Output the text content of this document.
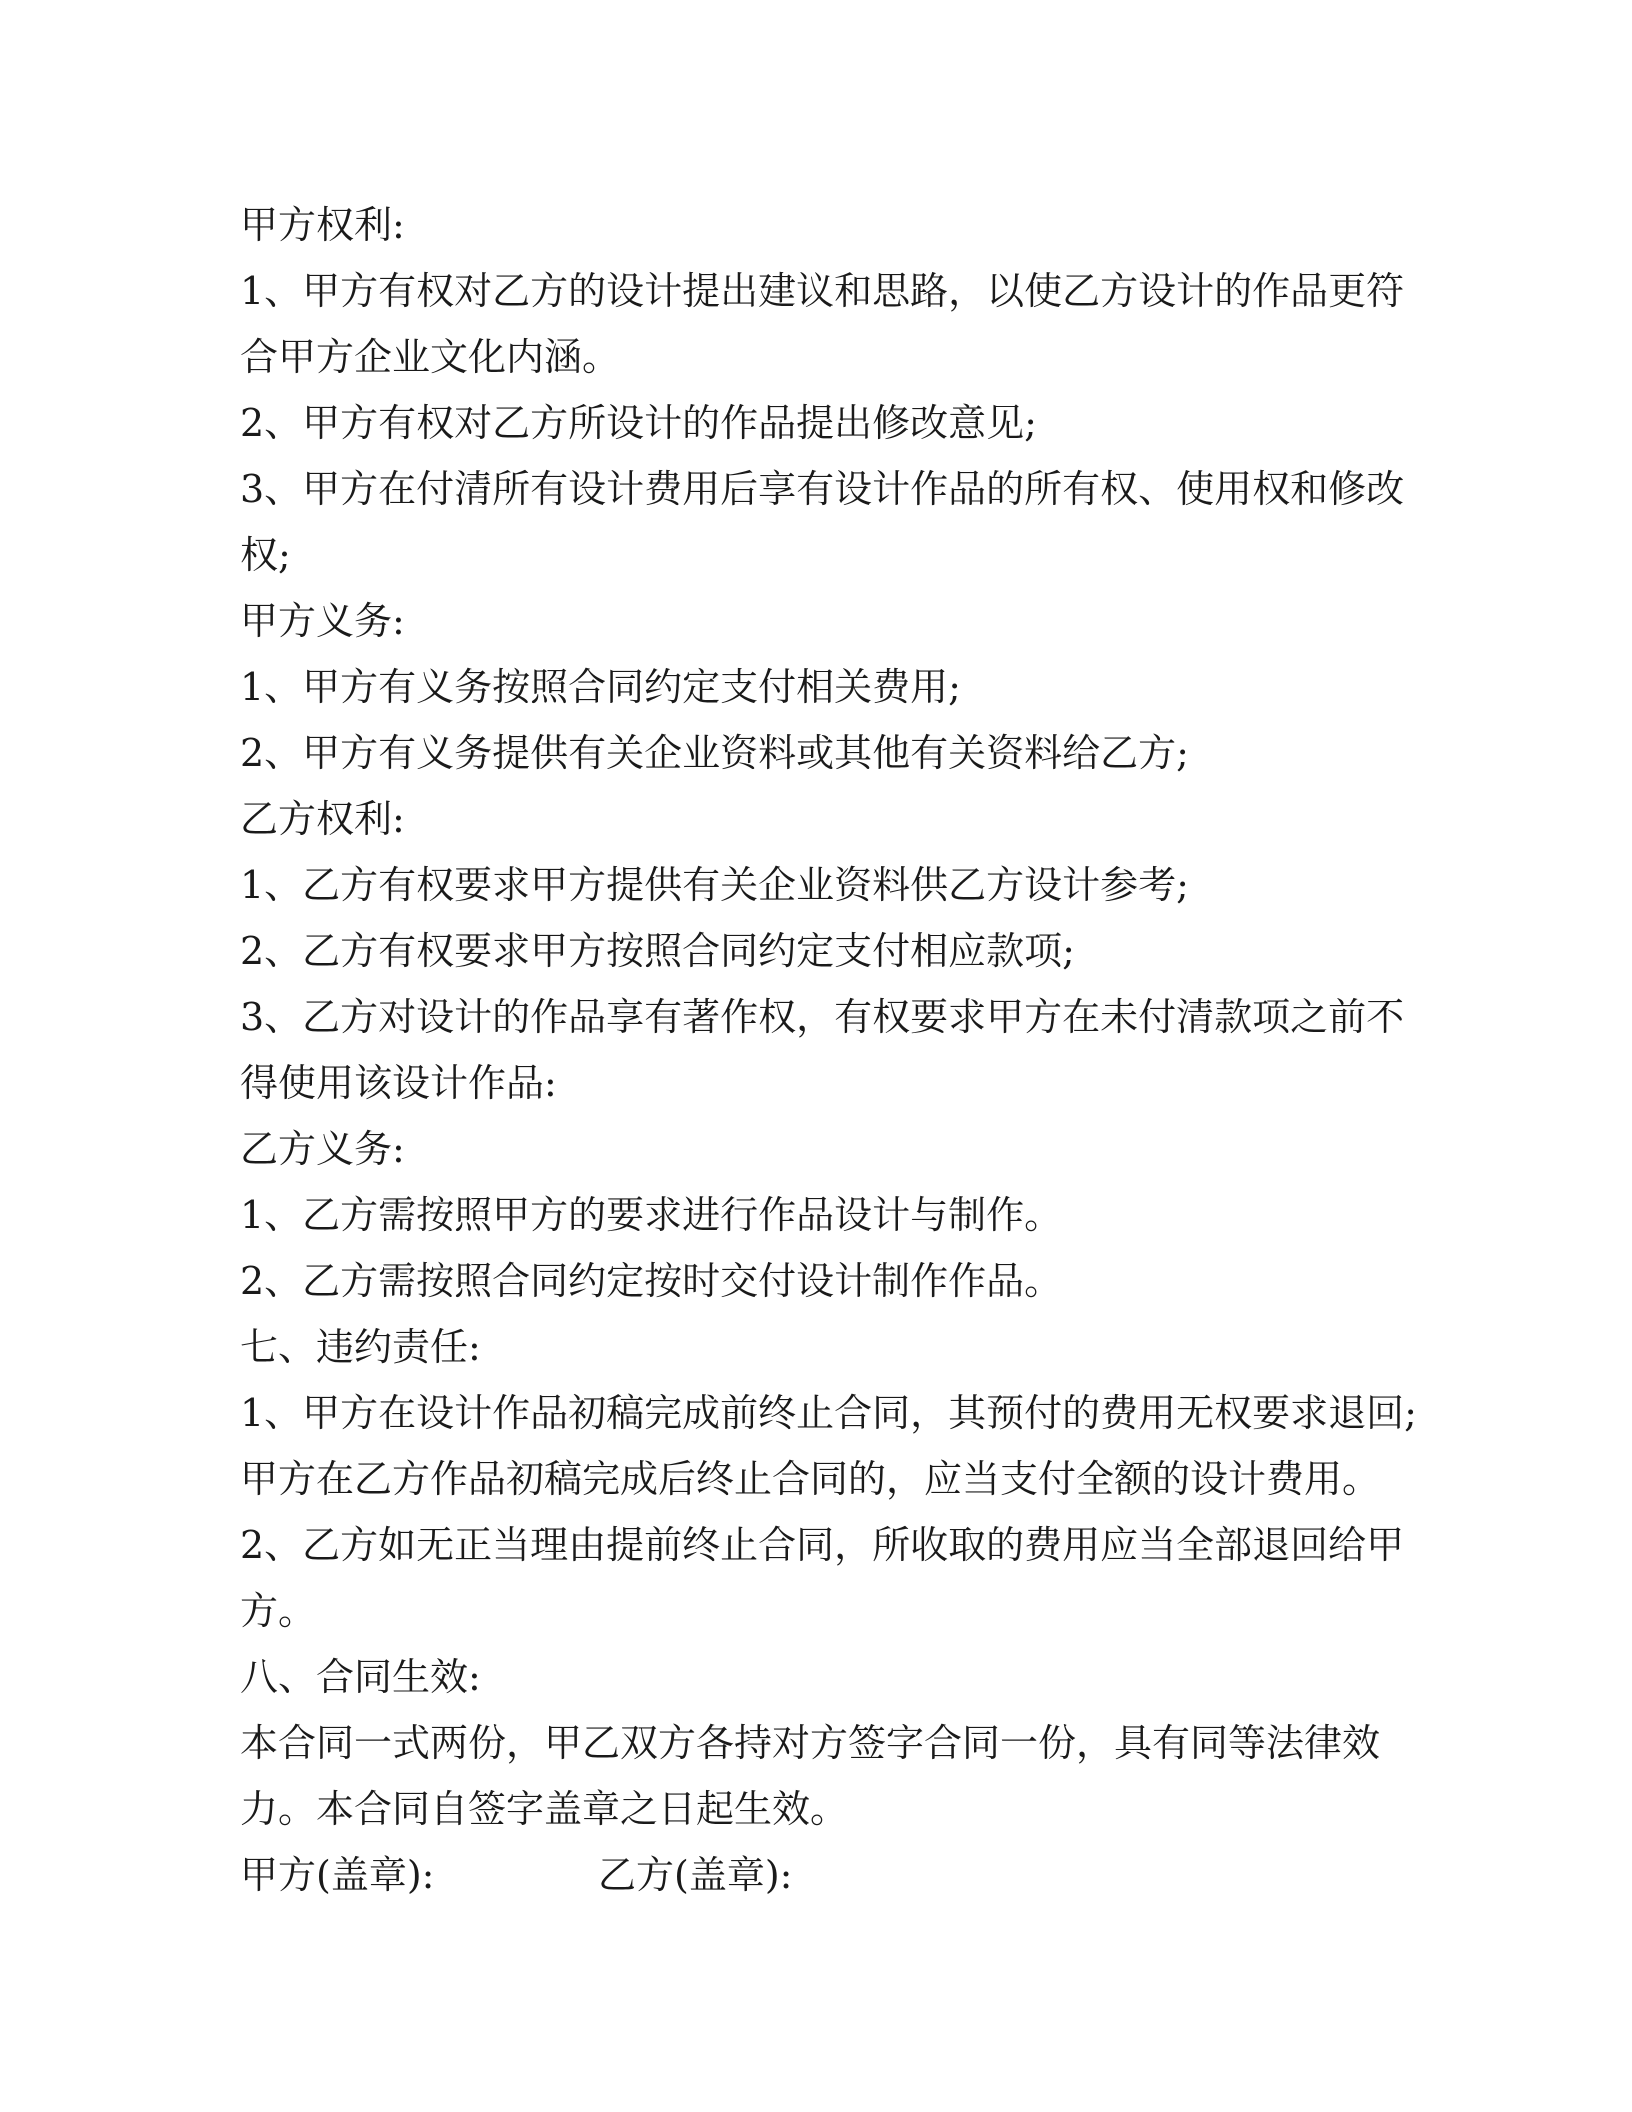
甲方权利:

1、甲方有权对乙方的设计提出建议和思路，以使乙方设计的作品更符

合甲方企业文化内涵。

2、甲方有权对乙方所设计的作品提出修改意见;

3、甲方在付清所有设计费用后享有设计作品的所有权、使用权和修改

权;

甲方义务:

1、甲方有义务按照合同约定支付相关费用;

2、甲方有义务提供有关企业资料或其他有关资料给乙方;

乙方权利:

1、乙方有权要求甲方提供有关企业资料供乙方设计参考;

2、乙方有权要求甲方按照合同约定支付相应款项;

3、乙方对设计的作品享有著作权，有权要求甲方在未付清款项之前不

得使用该设计作品:

乙方义务:

1、乙方需按照甲方的要求进行作品设计与制作。

2、乙方需按照合同约定按时交付设计制作作品。

七、违约责任:

1、甲方在设计作品初稿完成前终止合同，其预付的费用无权要求退回;

甲方在乙方作品初稿完成后终止合同的，应当支付全额的设计费用。

2、乙方如无正当理由提前终止合同，所收取的费用应当全部退回给甲

方。

八、合同生效:

本合同一式两份，甲乙双方各持对方签字合同一份，具有同等法律效

力。本合同自签字盖章之日起生效。

甲方(盖章):	乙方(盖章):
